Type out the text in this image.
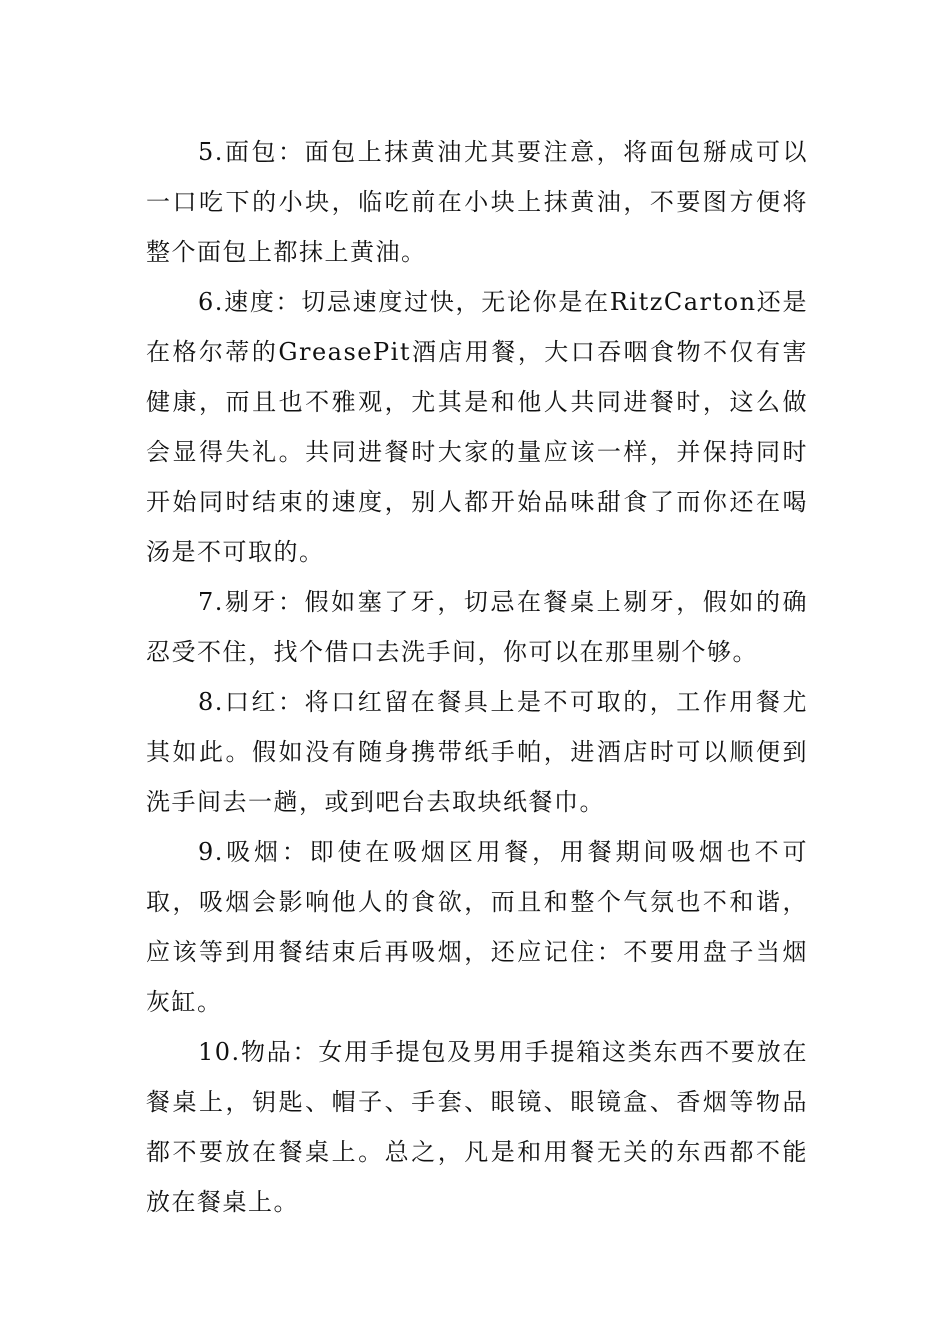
5.面包：面包上抹黄油尤其要注意，将面包掰成可以一口吃下的小块，临吃前在小块上抹黄油，不要图方便将整个面包上都抹上黄油。

6.速度：切忌速度过快，无论你是在RitzCarton还是在格尔蒂的GreasePit酒店用餐，大口吞咽食物不仅有害健康，而且也不雅观，尤其是和他人共同进餐时，这么做会显得失礼。共同进餐时大家的量应该一样，并保持同时开始同时结束的速度，别人都开始品味甜食了而你还在喝汤是不可取的。

7.剔牙：假如塞了牙，切忌在餐桌上剔牙，假如的确忍受不住，找个借口去洗手间，你可以在那里剔个够。

8.口红：将口红留在餐具上是不可取的，工作用餐尤其如此。假如没有随身携带纸手帕，进酒店时可以顺便到洗手间去一趟，或到吧台去取块纸餐巾。

9.吸烟：即使在吸烟区用餐，用餐期间吸烟也不可取，吸烟会影响他人的食欲，而且和整个气氛也不和谐，应该等到用餐结束后再吸烟，还应记住：不要用盘子当烟灰缸。

10.物品：女用手提包及男用手提箱这类东西不要放在餐桌上，钥匙、帽子、手套、眼镜、眼镜盒、香烟等物品都不要放在餐桌上。总之，凡是和用餐无关的东西都不能放在餐桌上。
